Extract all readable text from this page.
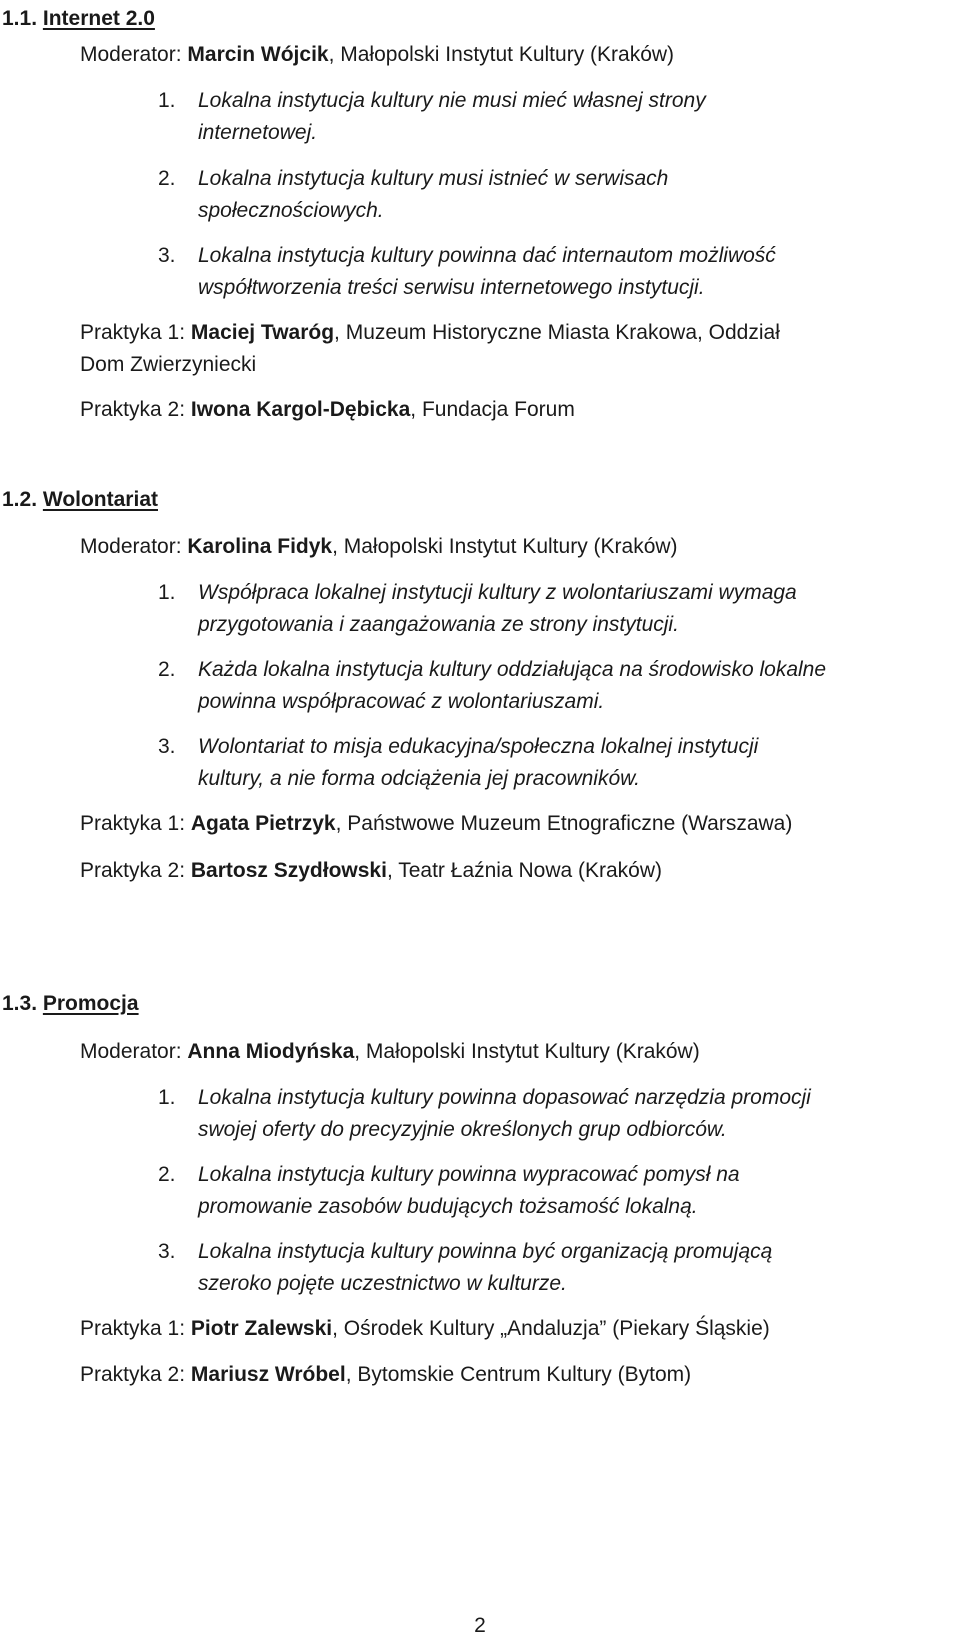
1.1. Internet 2.0
Moderator: Marcin Wójcik, Małopolski Instytut Kultury (Kraków)
1. Lokalna instytucja kultury nie musi mieć własnej strony
internetowej.
2. Lokalna instytucja kultury musi istnieć w serwisach
społecznościowych.
3. Lokalna instytucja kultury powinna dać internautom możliwość
współtworzenia treści serwisu internetowego instytucji.
Praktyka 1: Maciej Twaróg, Muzeum Historyczne Miasta Krakowa, Oddział
Dom Zwierzyniecki
Praktyka 2: Iwona Kargol-Dębicka, Fundacja Forum
1.2. Wolontariat
Moderator: Karolina Fidyk, Małopolski Instytut Kultury (Kraków)
1. Współpraca lokalnej instytucji kultury z wolontariuszami wymaga
przygotowania i zaangażowania ze strony instytucji.
2. Każda lokalna instytucja kultury oddziałująca na środowisko lokalne
powinna współpracować z wolontariuszami.
3. Wolontariat to misja edukacyjna/społeczna lokalnej instytucji
kultury, a nie forma odciążenia jej pracowników.
Praktyka 1: Agata Pietrzyk, Państwowe Muzeum Etnograficzne (Warszawa)
Praktyka 2: Bartosz Szydłowski, Teatr Łaźnia Nowa (Kraków)
1.3. Promocja
Moderator: Anna Miodyńska, Małopolski Instytut Kultury (Kraków)
1. Lokalna instytucja kultury powinna dopasować narzędzia promocji
swojej oferty do precyzyjnie określonych grup odbiorców.
2. Lokalna instytucja kultury powinna wypracować pomysł na
promowanie zasobów budujących tożsamość lokalną.
3. Lokalna instytucja kultury powinna być organizacją promującą
szeroko pojęte uczestnictwo w kulturze.
Praktyka 1: Piotr Zalewski, Ośrodek Kultury „Andaluzja” (Piekary Śląskie)
Praktyka 2: Mariusz Wróbel, Bytomskie Centrum Kultury (Bytom)
2
